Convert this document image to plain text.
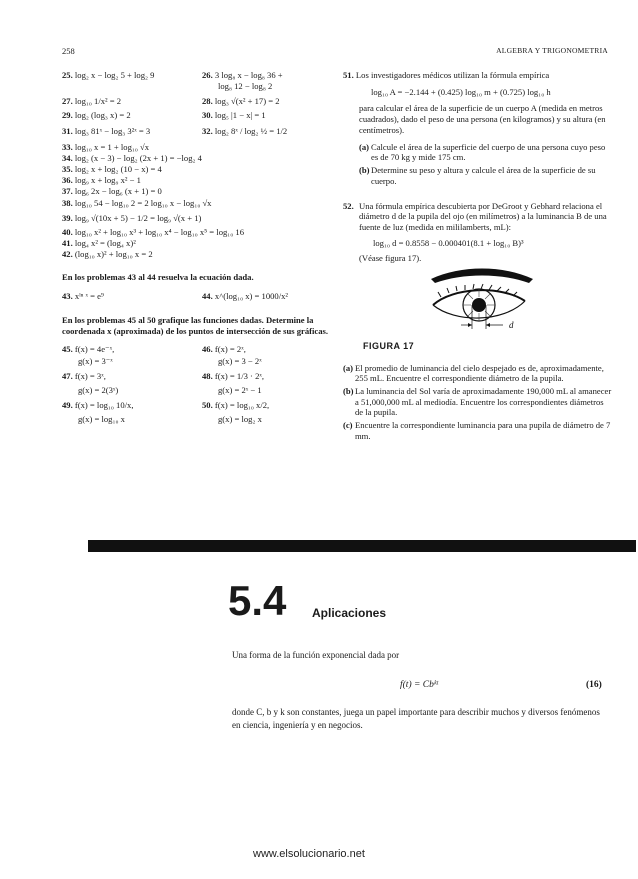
258	ALGEBRA Y TRIGONOMETRIA
25. log₂ x − log₂ 5 + log₂ 9	26. 3 log₈ x − log₈ 36 +
log₈ 12 − log₈ 2
27. log₁₀ 1/x² = 2	28. log₃ √(x² + 17) = 2
29. log₂ (log₃ x) = 2	30. log₅ |1 − x| = 1
31. log₃ 81ˣ − log₃ 3²ˣ = 3	32. log₂ 8ˣ / log₂ ½ = 1/2
33. log₁₀ x = 1 + log₁₀ √x
34. log₂ (x − 3) − log₂ (2x + 1) = −log₂ 4
35. log₂ x + log₂ (10 − x) = 4
36. log₉ x + log₉ x² − 1
37. log₆ 2x − log₆ (x + 1) = 0
38. log₁₀ 54 − log₁₀ 2 = 2 log₁₀ x − log₁₀ √x
39. log₉ √(10x + 5) − 1/2 = log₉ √(x + 1)
40. log₁₀ x² + log₁₀ x³ + log₁₀ x⁴ − log₁₀ x⁵ = log₁₀ 16
41. log₄ x² = (log₄ x)²
42. (log₁₀ x)² + log₁₀ x = 2
En los problemas 43 al 44 resuelva la ecuación dada.
43. xˡⁿ ˣ = e⁹	44. x^(log₁₀ x) = 1000/x²
En los problemas 45 al 50 grafique las funciones dadas. Determine la coordenada x (aproximada) de los puntos de intersección de sus gráficas.
45. f(x) = 4e⁻ˣ,	46. f(x) = 2ˣ,
g(x) = 3⁻ˣ	g(x) = 3 − 2ˣ
47. f(x) = 3ˣ,	48. f(x) = 1/3 · 2ˣ,
g(x) = 2(3ˣ)	g(x) = 2ˣ − 1
49. f(x) = log₁₀ 10/x,	50. f(x) = log₁₀ x/2,
g(x) = log₁₀ x	g(x) = log₂ x
51. Los investigadores médicos utilizan la fórmula empírica
log₁₀ A = −2.144 + (0.425) log₁₀ m + (0.725) log₁₀ h
para calcular el área de la superficie de un cuerpo A (medida en metros cuadrados), dado el peso de una persona (en kilogramos) y su altura (en centímetros).
(a) Calcule el área de la superficie del cuerpo de una persona cuyo peso es de 70 kg y mide 175 cm.
(b) Determine su peso y altura y calcule el área de la superficie de su cuerpo.
52. Una fórmula empírica descubierta por DeGroot y Gebhard relaciona el diámetro d de la pupila del ojo (en milímetros) a la luminancia B de una fuente de luz (medida en mililamberts, mL):
log₁₀ d = 0.8558 − 0.000401(8.1 + log₁₀ B)³
(Véase figura 17).
d
FIGURA 17
(a) El promedio de luminancia del cielo despejado es de, aproximadamente, 255 mL. Encuentre el correspondiente diámetro de la pupila.
(b) La luminancia del Sol varía de aproximadamente 190,000 mL al amanecer a 51,000,000 mL al mediodía. Encuentre los correspondientes diámetros de la pupila.
(c) Encuentre la correspondiente luminancia para una pupila de diámetro de 7 mm.
5.4 Aplicaciones
Una forma de la función exponencial dada por
f(t) = Cbᵏᵗ	(16)
donde C, b y k son constantes, juega un papel importante para describir muchos y diversos fenómenos en ciencia, ingeniería y en negocios.
www.elsolucionario.net
